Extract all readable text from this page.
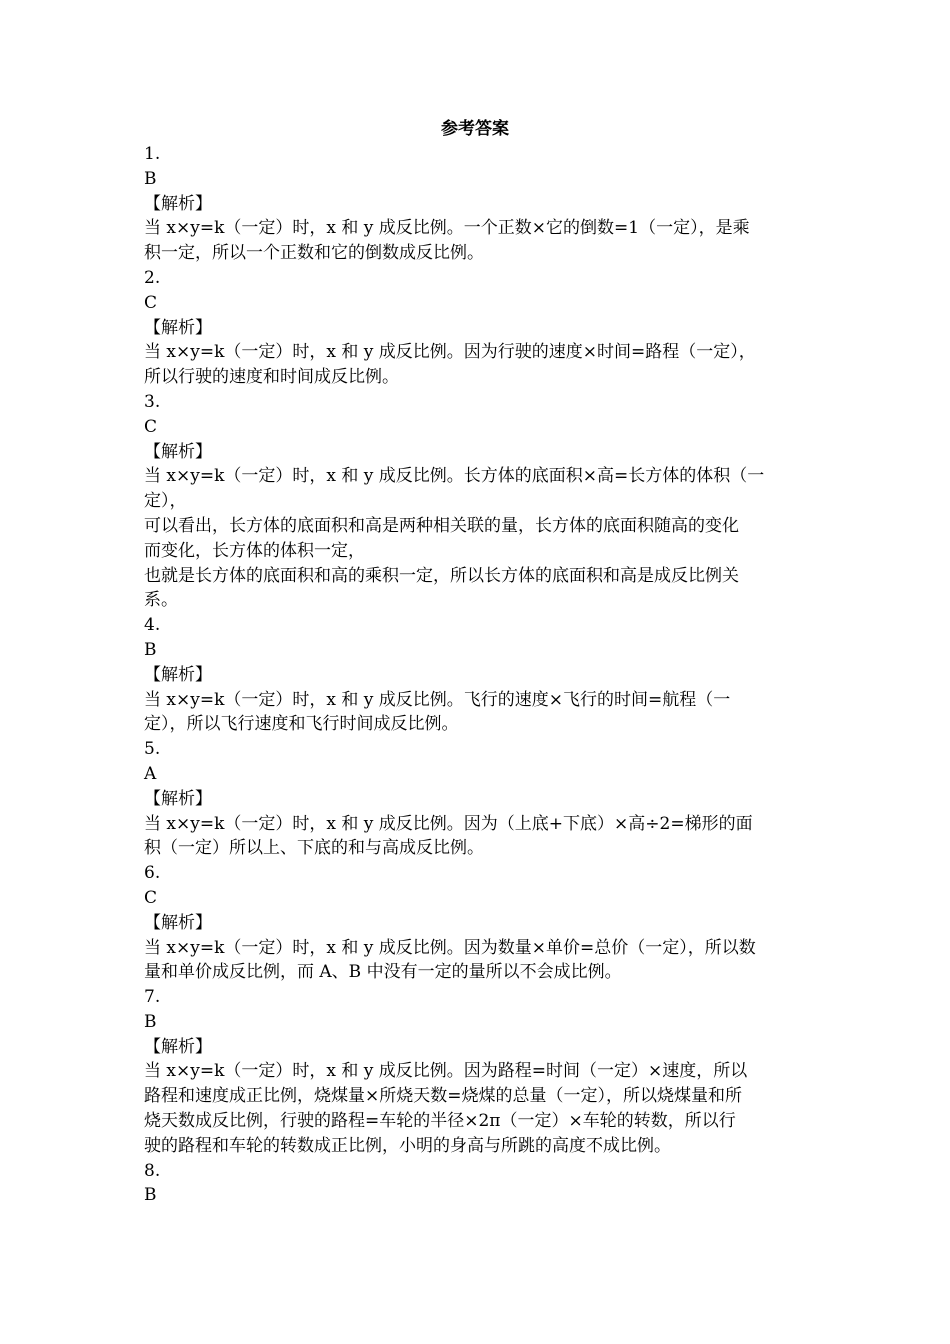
参考答案
1.
B
【解析】
当 x×y=k（一定）时，x 和 y 成反比例。一个正数×它的倒数=1（一定），是乘
积一定，所以一个正数和它的倒数成反比例。
2.
C
【解析】
当 x×y=k（一定）时，x 和 y 成反比例。因为行驶的速度×时间=路程（一定），
所以行驶的速度和时间成反比例。
3.
C
【解析】
当 x×y=k（一定）时，x 和 y 成反比例。长方体的底面积×高=长方体的体积（一
定），
可以看出，长方体的底面积和高是两种相关联的量，长方体的底面积随高的变化
而变化，长方体的体积一定，
也就是长方体的底面积和高的乘积一定，所以长方体的底面积和高是成反比例关
系。
4.
B
【解析】
当 x×y=k（一定）时，x 和 y 成反比例。飞行的速度×飞行的时间=航程（一
定），所以飞行速度和飞行时间成反比例。
5.
A
【解析】
当 x×y=k（一定）时，x 和 y 成反比例。因为（上底+下底）×高÷2=梯形的面
积（一定）所以上、下底的和与高成反比例。
6.
C
【解析】
当 x×y=k（一定）时，x 和 y 成反比例。因为数量×单价=总价（一定），所以数
量和单价成反比例，而 A、B 中没有一定的量所以不会成比例。
7.
B
【解析】
当 x×y=k（一定）时，x 和 y 成反比例。因为路程=时间（一定）×速度，所以
路程和速度成正比例，烧煤量×所烧天数=烧煤的总量（一定），所以烧煤量和所
烧天数成反比例，行驶的路程=车轮的半径×2π（一定）×车轮的转数，所以行
驶的路程和车轮的转数成正比例，小明的身高与所跳的高度不成比例。
8.
B
